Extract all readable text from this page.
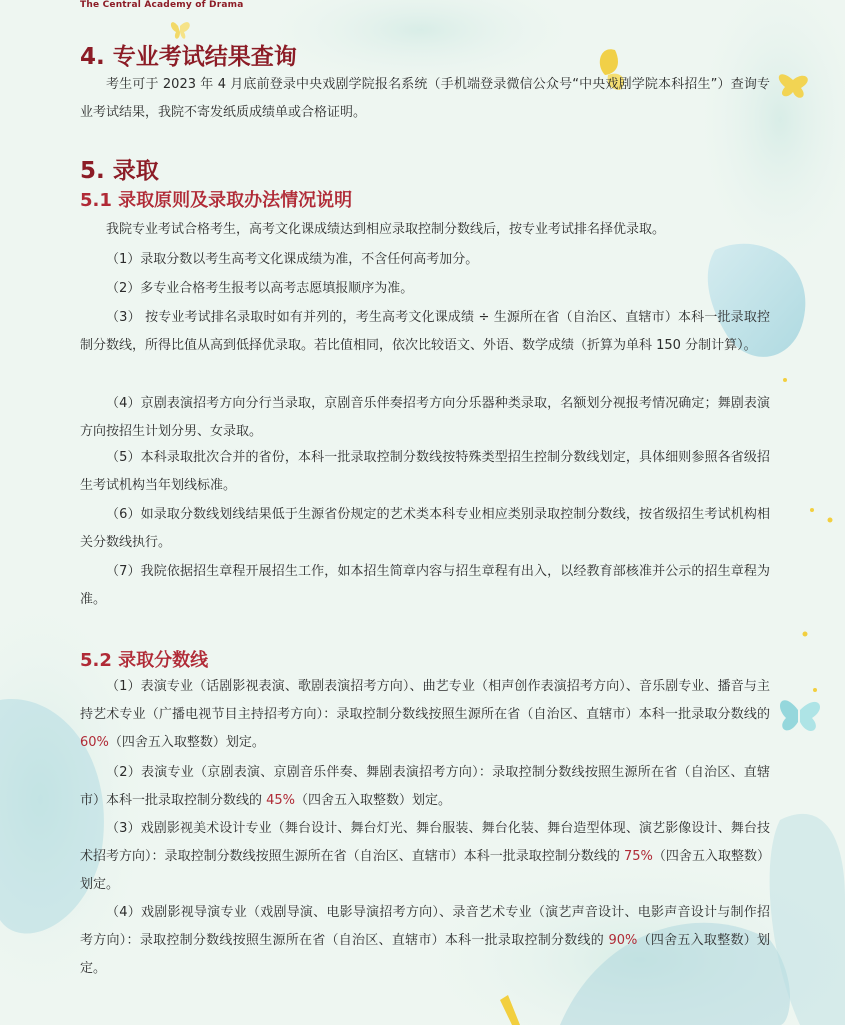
The Central Academy of Drama
4. 专业考试结果查询

考生可于 2023 年 4 月底前登录中央戏剧学院报名系统（手机端登录微信公众号“中央戏剧学院本科招生”）查询专业考试结果，我院不寄发纸质成绩单或合格证明。

5. 录取
5.1 录取原则及录取办法情况说明

我院专业考试合格考生，高考文化课成绩达到相应录取控制分数线后，按专业考试排名择优录取。

（1）录取分数以考生高考文化课成绩为准，不含任何高考加分。

（2）多专业合格考生报考以高考志愿填报顺序为准。

（3） 按专业考试排名录取时如有并列的，考生高考文化课成绩 ÷ 生源所在省（自治区、直辖市）本科一批录取控制分数线，所得比值从高到低择优录取。若比值相同，依次比较语文、外语、数学成绩（折算为单科 150 分制计算）。

（4）京剧表演招考方向分行当录取，京剧音乐伴奏招考方向分乐器种类录取，名额划分视报考情况确定；舞剧表演方向按招生计划分男、女录取。

（5）本科录取批次合并的省份，本科一批录取控制分数线按特殊类型招生控制分数线划定，具体细则参照各省级招生考试机构当年划线标准。

（6）如录取分数线划线结果低于生源省份规定的艺术类本科专业相应类别录取控制分数线，按省级招生考试机构相关分数线执行。

（7）我院依据招生章程开展招生工作，如本招生简章内容与招生章程有出入，以经教育部核准并公示的招生章程为准。

5.2 录取分数线

（1）表演专业（话剧影视表演、歌剧表演招考方向）、曲艺专业（相声创作表演招考方向）、音乐剧专业、播音与主持艺术专业（广播电视节目主持招考方向）：录取控制分数线按照生源所在省（自治区、直辖市）本科一批录取分数线的 60%（四舍五入取整数）划定。

（2）表演专业（京剧表演、京剧音乐伴奏、舞剧表演招考方向）：录取控制分数线按照生源所在省（自治区、直辖市）本科一批录取控制分数线的 45%（四舍五入取整数）划定。

（3）戏剧影视美术设计专业（舞台设计、舞台灯光、舞台服装、舞台化装、舞台造型体现、演艺影像设计、舞台技术招考方向）：录取控制分数线按照生源所在省（自治区、直辖市）本科一批录取控制分数线的 75%（四舍五入取整数）划定。

（4）戏剧影视导演专业（戏剧导演、电影导演招考方向）、录音艺术专业（演艺声音设计、电影声音设计与制作招考方向）：录取控制分数线按照生源所在省（自治区、直辖市）本科一批录取控制分数线的 90%（四舍五入取整数）划定。
